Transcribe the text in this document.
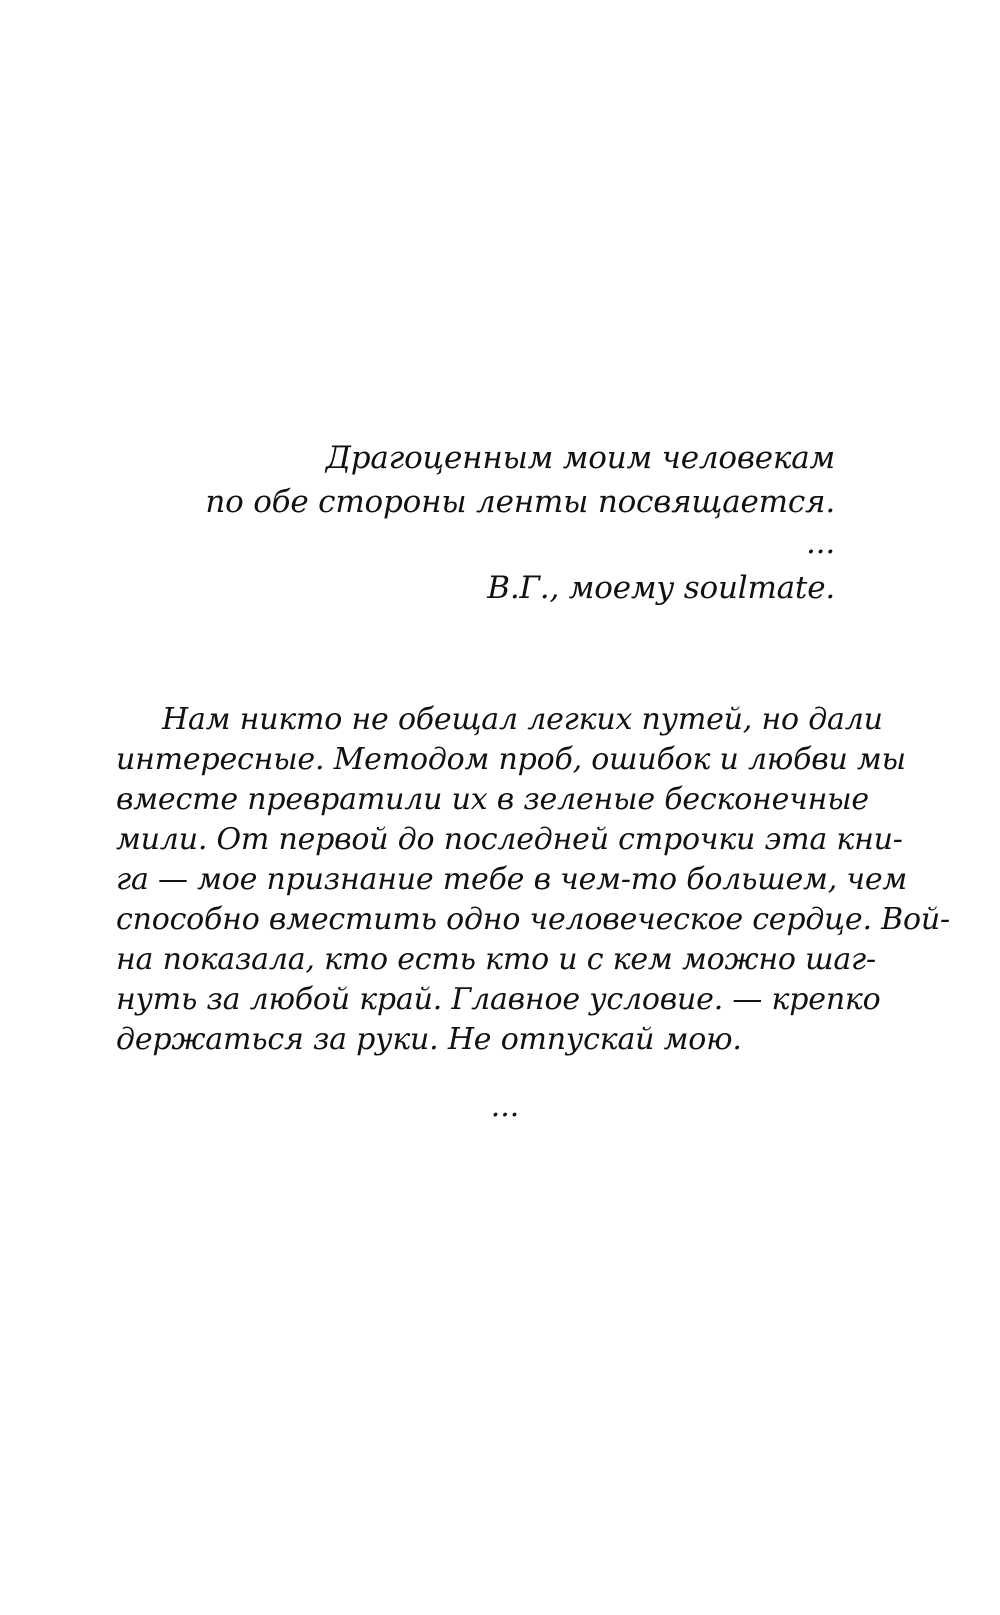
Драгоценным моим человекам
по обе стороны ленты посвящается.
...
В.Г., моему soulmate.
Нам никто не обещал легких путей, но дали
интересные. Методом проб, ошибок и любви мы
вместе превратили их в зеленые бесконечные
мили. От первой до последней строчки эта кни-
га — мое признание тебе в чем-то большем, чем
способно вместить одно человеческое сердце. Вой-
на показала, кто есть кто и с кем можно шаг-
нуть за любой край. Главное условие. — крепко
держаться за руки. Не отпускай мою.
...
